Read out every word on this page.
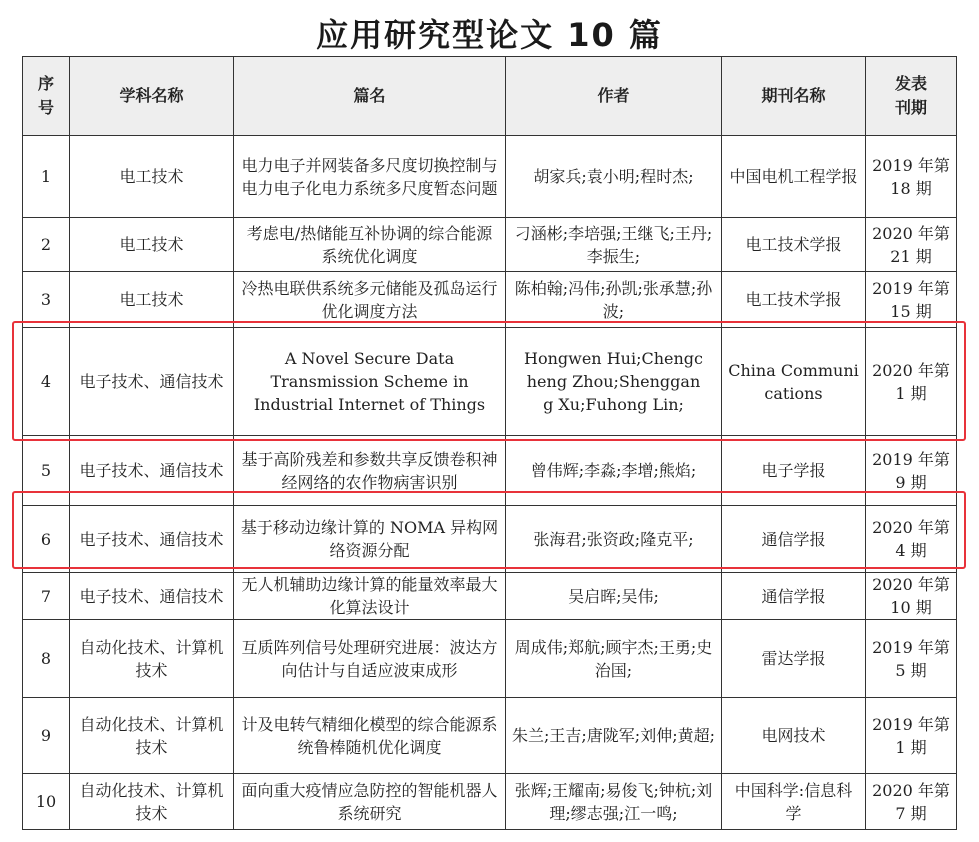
应用研究型论文 10 篇
序号	学科名称	篇名	作者	期刊名称	发表刊期

1	电工技术	电力电子并网装备多尺度切换控制与电力电子化电力系统多尺度暂态问题	胡家兵;袁小明;程时杰;	中国电机工程学报	2019 年第 18 期
2	电工技术	考虑电/热储能互补协调的综合能源系统优化调度	刁涵彬;李培强;王继飞;王丹;李振生;	电工技术学报	2020 年第 21 期
3	电工技术	冷热电联供系统多元储能及孤岛运行优化调度方法	陈柏翰;冯伟;孙凯;张承慧;孙波;	电工技术学报	2019 年第 15 期
4	电子技术、通信技术	A Novel Secure Data Transmission Scheme in Industrial Internet of Things	Hongwen Hui;Chengcheng Zhou;Shenggang Xu;Fuhong Lin;	China Communications	2020 年第 1 期
5	电子技术、通信技术	基于高阶残差和参数共享反馈卷积神经网络的农作物病害识别	曾伟辉;李淼;李增;熊焰;	电子学报	2019 年第 9 期
6	电子技术、通信技术	基于移动边缘计算的 NOMA 异构网络资源分配	张海君;张资政;隆克平;	通信学报	2020 年第 4 期
7	电子技术、通信技术	无人机辅助边缘计算的能量效率最大化算法设计	吴启晖;吴伟;	通信学报	2020 年第 10 期
8	自动化技术、计算机技术	互质阵列信号处理研究进展：波达方向估计与自适应波束成形	周成伟;郑航;顾宇杰;王勇;史治国;	雷达学报	2019 年第 5 期
9	自动化技术、计算机技术	计及电转气精细化模型的综合能源系统鲁棒随机优化调度	朱兰;王吉;唐陇军;刘伸;黄超;	电网技术	2019 年第 1 期
10	自动化技术、计算机技术	面向重大疫情应急防控的智能机器人系统研究	张辉;王耀南;易俊飞;钟杭;刘理;缪志强;江一鸣;	中国科学:信息科学	2020 年第 7 期
